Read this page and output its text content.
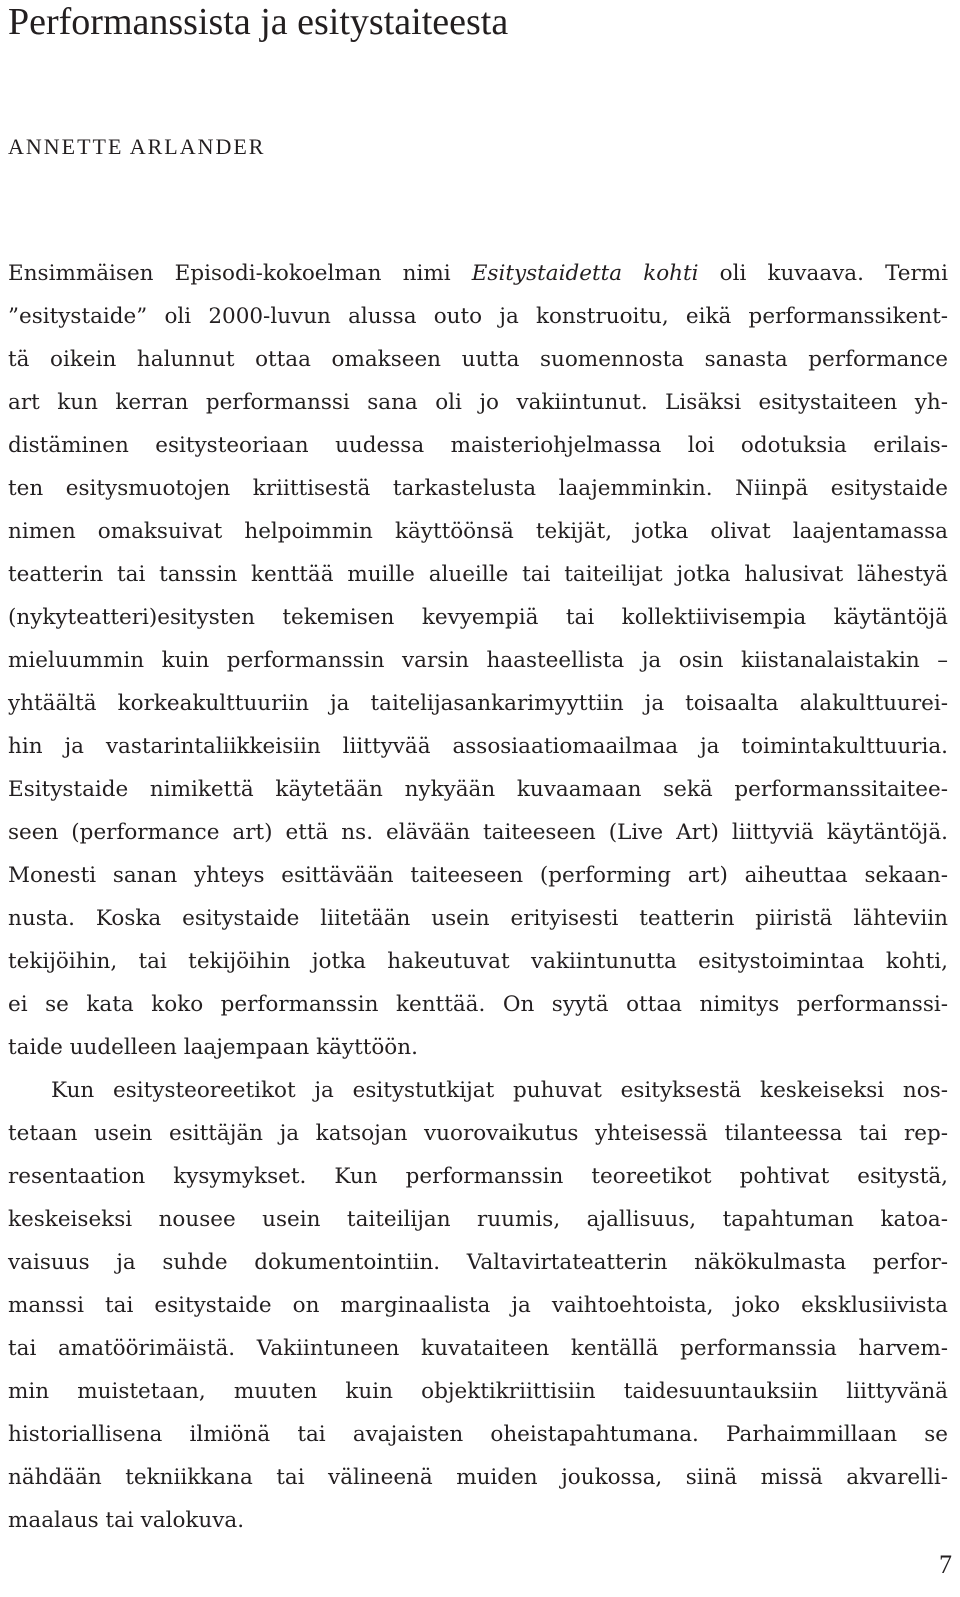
Performanssista ja esitystaiteesta
ANNETTE ARLANDER

Ensimmäisen Episodi-kokoelman nimi Esitystaidetta kohti oli kuvaava. Termi
”esitystaide” oli 2000-luvun alussa outo ja konstruoitu, eikä performanssikent-
tä oikein halunnut ottaa omakseen uutta suomennosta sanasta performance
art kun kerran performanssi sana oli jo vakiintunut. Lisäksi esitystaiteen yh-
distäminen esitysteoriaan uudessa maisteriohjelmassa loi odotuksia erilais-
ten esitysmuotojen kriittisestä tarkastelusta laajemminkin. Niinpä esitystaide
nimen omaksuivat helpoimmin käyttöönsä tekijät, jotka olivat laajentamassa
teatterin tai tanssin kenttää muille alueille tai taiteilijat jotka halusivat lähestyä
(nykyteatteri)esitysten tekemisen kevyempiä tai kollektiivisempia käytäntöjä
mieluummin kuin performanssin varsin haasteellista ja osin kiistanalaistakin –
yhtäältä korkeakulttuuriin ja taitelijasankarimyyttiin ja toisaalta alakulttuurei-
hin ja vastarintaliikkeisiin liittyvää assosiaatiomaailmaa ja toimintakulttuuria.
Esitystaide nimikettä käytetään nykyään kuvaamaan sekä performanssitaitee-
seen (performance art) että ns. elävään taiteeseen (Live Art) liittyviä käytäntöjä.
Monesti sanan yhteys esittävään taiteeseen (performing art) aiheuttaa sekaan-
nusta. Koska esitystaide liitetään usein erityisesti teatterin piiristä lähteviin
tekijöihin, tai tekijöihin jotka hakeutuvat vakiintunutta esitystoimintaa kohti,
ei se kata koko performanssin kenttää. On syytä ottaa nimitys performanssi-
taide uudelleen laajempaan käyttöön.

Kun esitysteoreetikot ja esitystutkijat puhuvat esityksestä keskeiseksi nos-
tetaan usein esittäjän ja katsojan vuorovaikutus yhteisessä tilanteessa tai rep-
resentaation kysymykset. Kun performanssin teoreetikot pohtivat esitystä,
keskeiseksi nousee usein taiteilijan ruumis, ajallisuus, tapahtuman katoa-
vaisuus ja suhde dokumentointiin. Valtavirtateatterin näkökulmasta perfor-
manssi tai esitystaide on marginaalista ja vaihtoehtoista, joko eksklusiivista
tai amatöörimäistä. Vakiintuneen kuvataiteen kentällä performanssia harvem-
min muistetaan, muuten kuin objektikriittisiin taidesuuntauksiin liittyvänä
historiallisena ilmiönä tai avajaisten oheistapahtumana. Parhaimmillaan se
nähdään tekniikkana tai välineenä muiden joukossa, siinä missä akvarelli-
maalaus tai valokuva.

7
